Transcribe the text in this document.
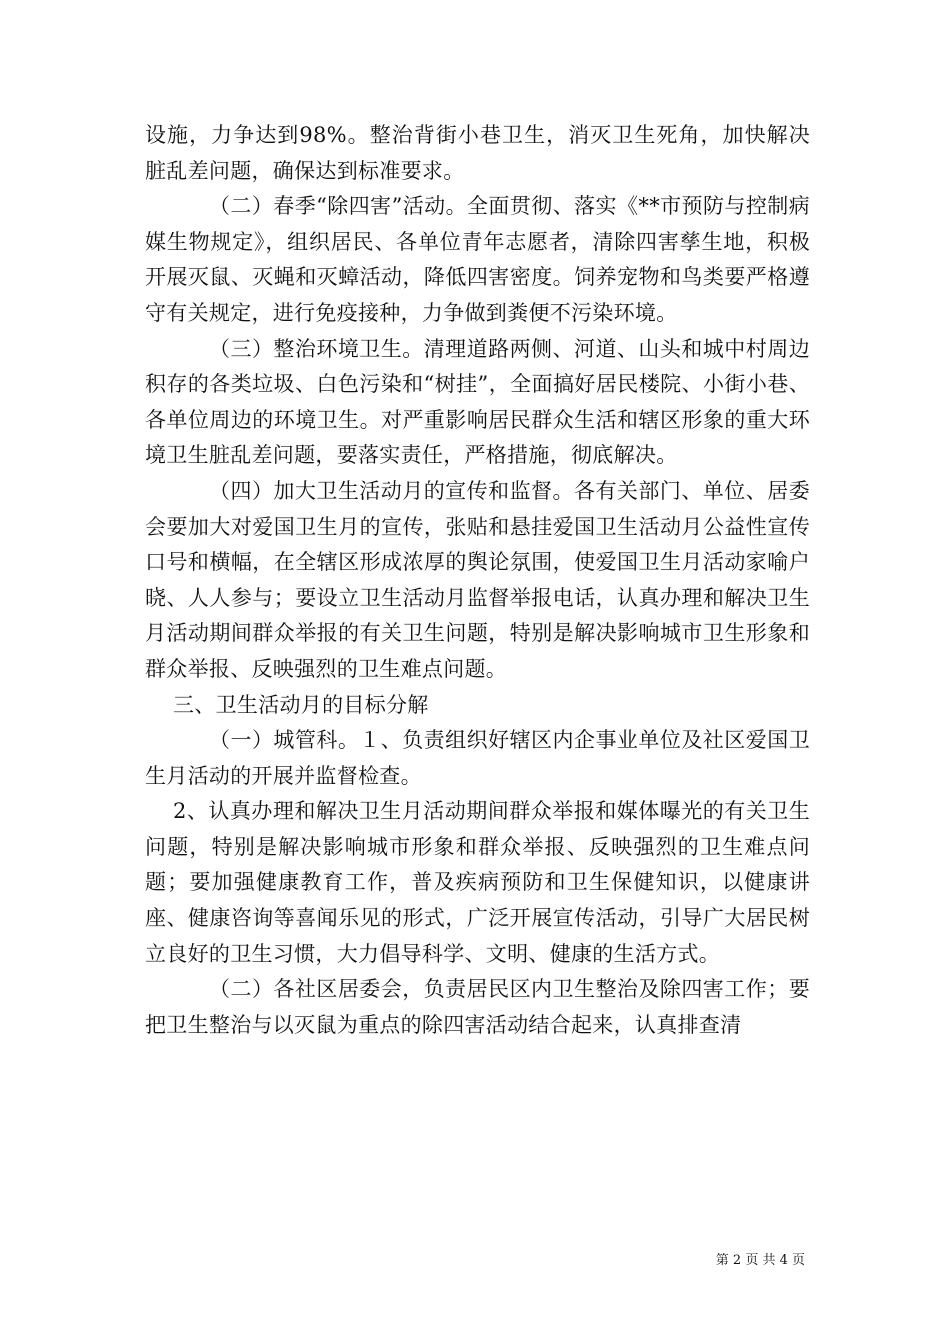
设施，力争达到98%。整治背街小巷卫生，消灭卫生死角，加快解决脏乱差问题，确保达到标准要求。

（二）春季“除四害”活动。全面贯彻、落实《**市预防与控制病媒生物规定》，组织居民、各单位青年志愿者，清除四害孳生地，积极开展灭鼠、灭蝇和灭蟑活动，降低四害密度。饲养宠物和鸟类要严格遵守有关规定，进行免疫接种，力争做到粪便不污染环境。

（三）整治环境卫生。清理道路两侧、河道、山头和城中村周边积存的各类垃圾、白色污染和“树挂”，全面搞好居民楼院、小街小巷、各单位周边的环境卫生。对严重影响居民群众生活和辖区形象的重大环境卫生脏乱差问题，要落实责任，严格措施，彻底解决。

（四）加大卫生活动月的宣传和监督。各有关部门、单位、居委会要加大对爱国卫生月的宣传，张贴和悬挂爱国卫生活动月公益性宣传口号和横幅，在全辖区形成浓厚的舆论氛围，使爱国卫生月活动家喻户晓、人人参与；要设立卫生活动月监督举报电话，认真办理和解决卫生月活动期间群众举报的有关卫生问题，特别是解决影响城市卫生形象和群众举报、反映强烈的卫生难点问题。

三、卫生活动月的目标分解

（一）城管科。１、负责组织好辖区内企事业单位及社区爱国卫生月活动的开展并监督检查。

2、认真办理和解决卫生月活动期间群众举报和媒体曝光的有关卫生问题，特别是解决影响城市形象和群众举报、反映强烈的卫生难点问题；要加强健康教育工作，普及疾病预防和卫生保健知识，以健康讲座、健康咨询等喜闻乐见的形式，广泛开展宣传活动，引导广大居民树立良好的卫生习惯，大力倡导科学、文明、健康的生活方式。

（二）各社区居委会，负责居民区内卫生整治及除四害工作；要把卫生整治与以灭鼠为重点的除四害活动结合起来，认真排查清

第 2 页 共 4 页
